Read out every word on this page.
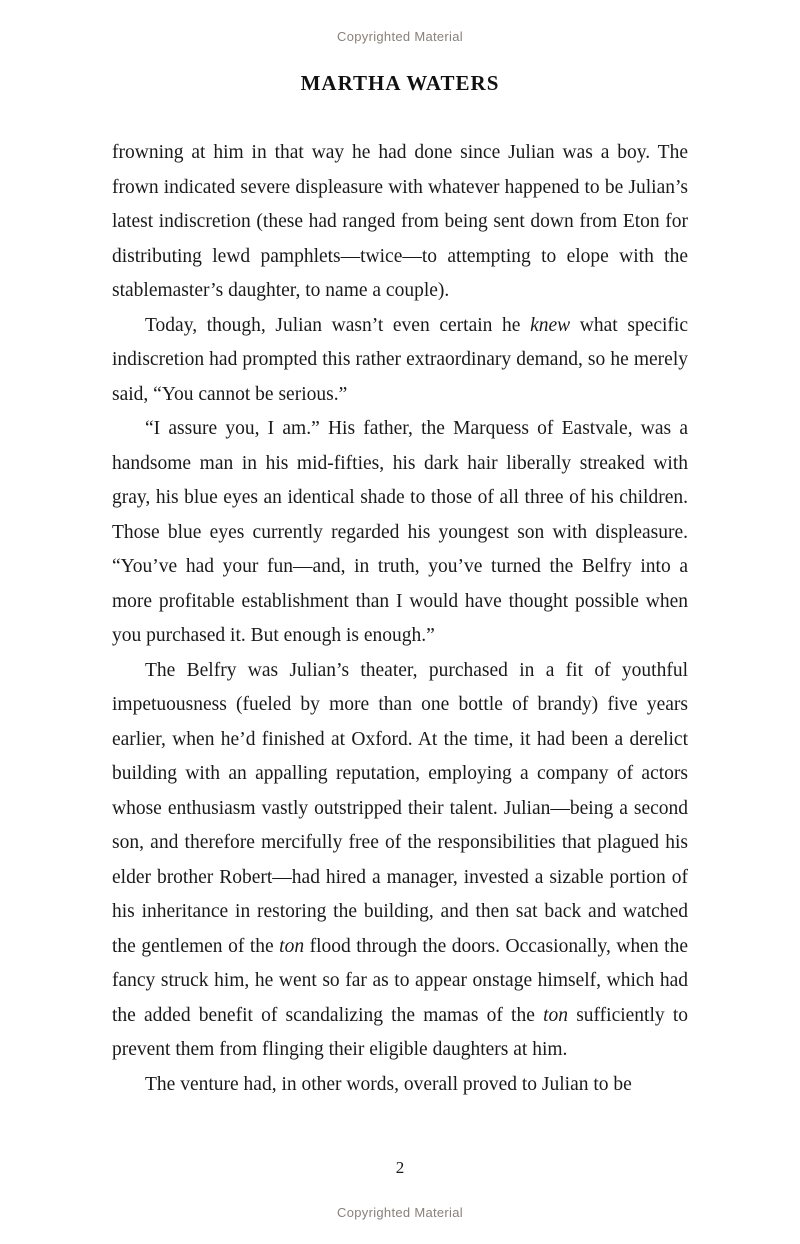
Copyrighted Material
MARTHA WATERS

frowning at him in that way he had done since Julian was a boy. The frown indicated severe displeasure with whatever happened to be Julian’s latest indiscretion (these had ranged from being sent down from Eton for distributing lewd pamphlets—twice—to attempting to elope with the stablemaster’s daughter, to name a couple).

Today, though, Julian wasn’t even certain he knew what specific indiscretion had prompted this rather extraordinary demand, so he merely said, “You cannot be serious.”

“I assure you, I am.” His father, the Marquess of Eastvale, was a handsome man in his mid-fifties, his dark hair liberally streaked with gray, his blue eyes an identical shade to those of all three of his children. Those blue eyes currently regarded his youngest son with displeasure. “You’ve had your fun—and, in truth, you’ve turned the Belfry into a more profitable establishment than I would have thought possible when you purchased it. But enough is enough.”

The Belfry was Julian’s theater, purchased in a fit of youthful impetuousness (fueled by more than one bottle of brandy) five years earlier, when he’d finished at Oxford. At the time, it had been a derelict building with an appalling reputation, employing a company of actors whose enthusiasm vastly outstripped their talent. Julian—being a second son, and therefore mercifully free of the responsibilities that plagued his elder brother Robert—had hired a manager, invested a sizable portion of his inheritance in restoring the building, and then sat back and watched the gentlemen of the ton flood through the doors. Occasionally, when the fancy struck him, he went so far as to appear onstage himself, which had the added benefit of scandalizing the mamas of the ton sufficiently to prevent them from flinging their eligible daughters at him.

The venture had, in other words, overall proved to Julian to be

2
Copyrighted Material
